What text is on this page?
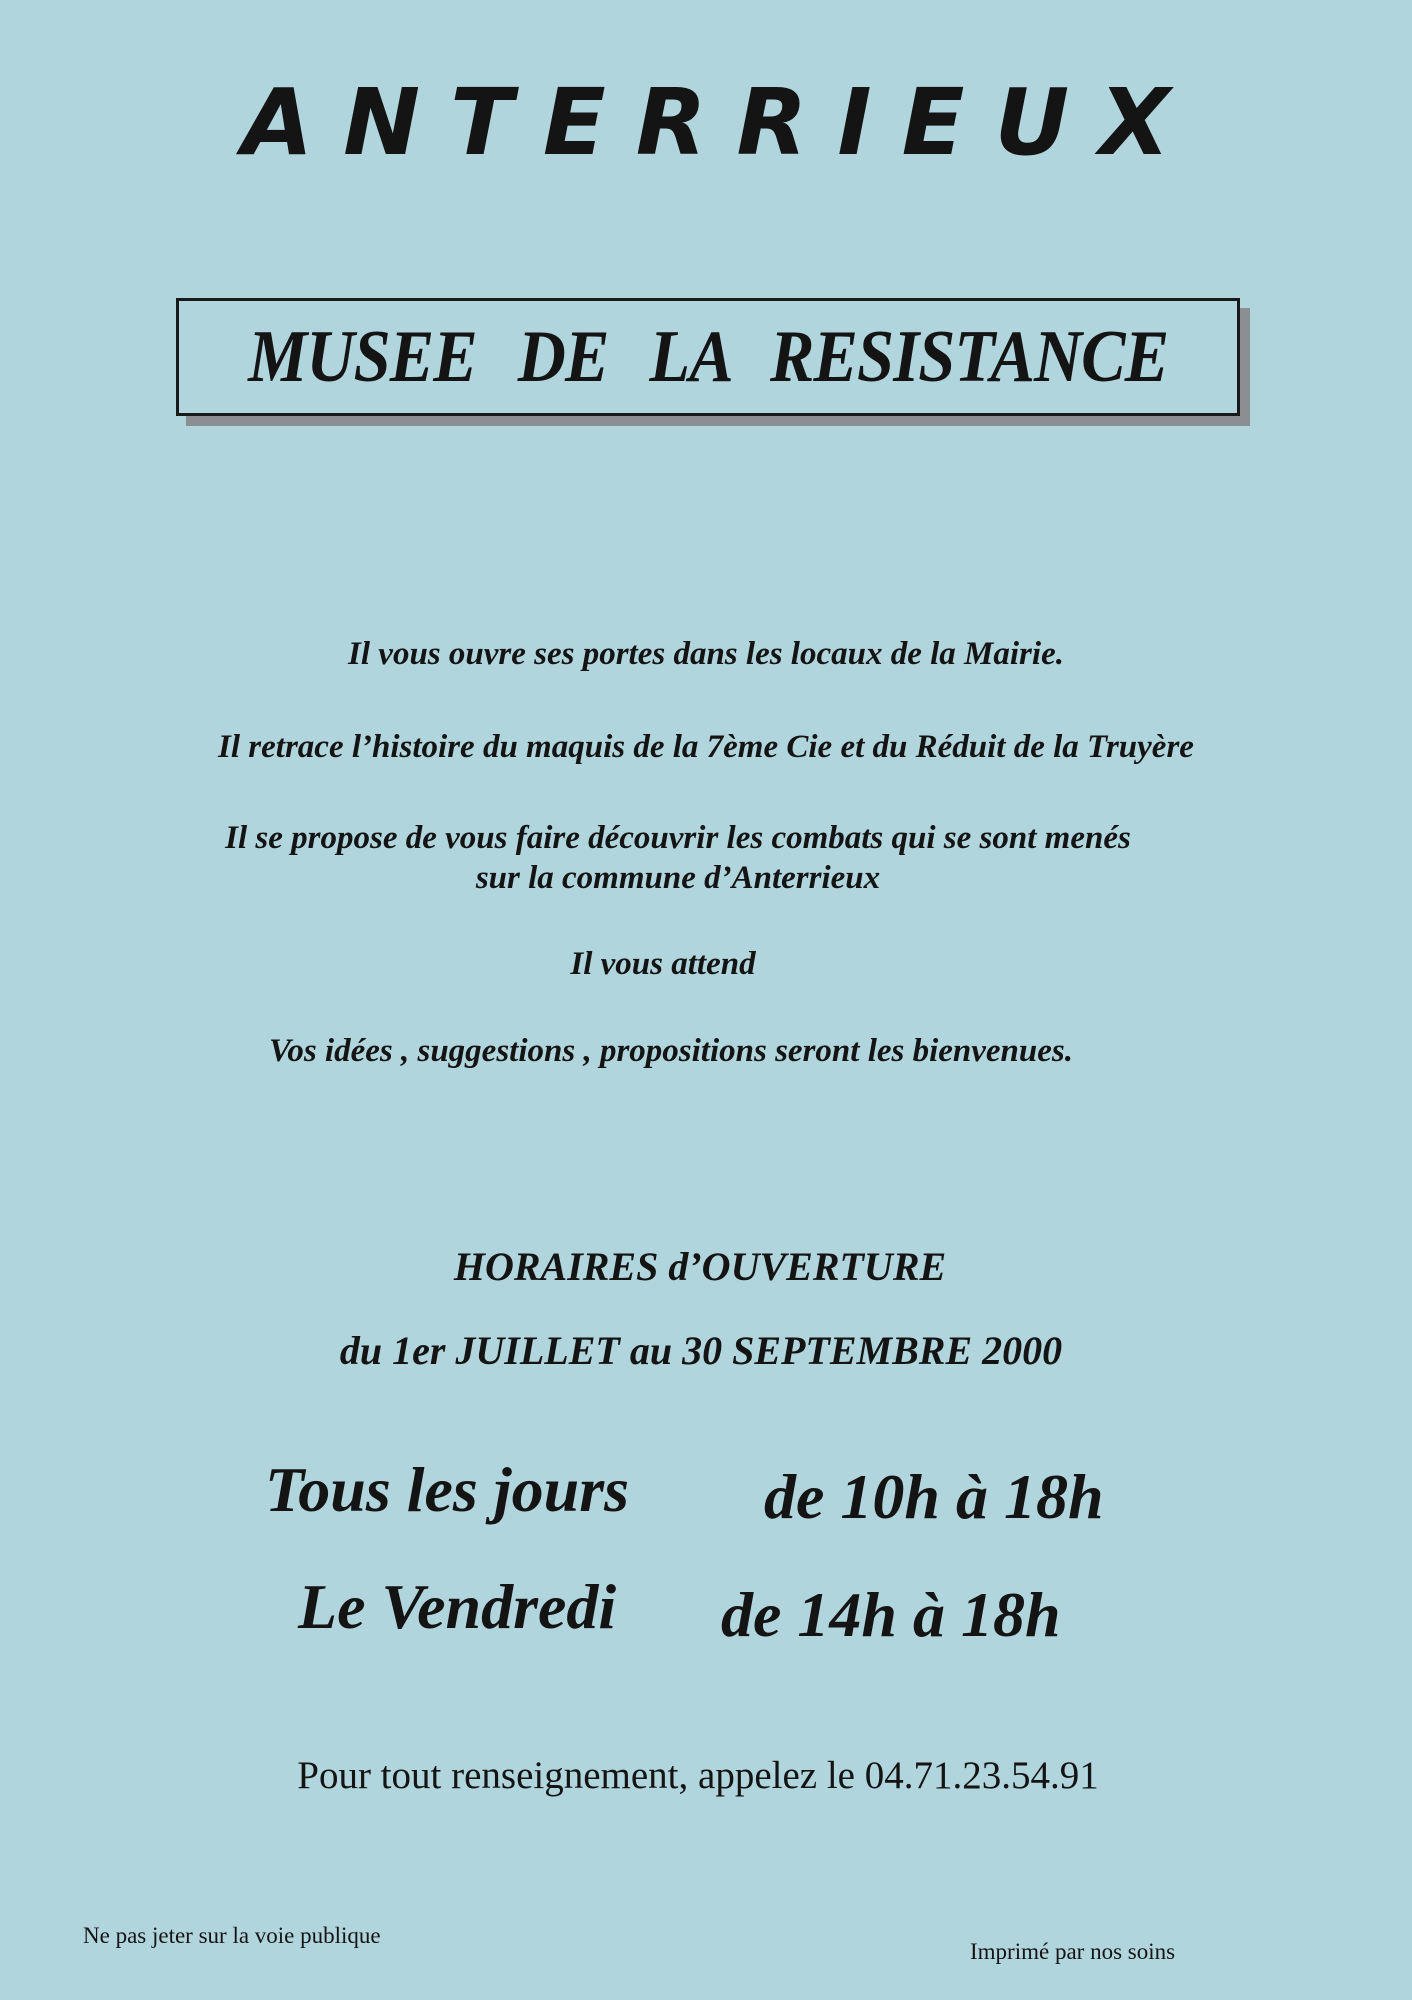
ANTERRIEUX
MUSEE DE LA RESISTANCE
Il vous ouvre ses portes dans les locaux de la Mairie.
Il retrace l’histoire du maquis de la 7ème Cie et du Réduit de la Truyère
Il se propose de vous faire découvrir les combats qui se sont menés
sur la commune d’Anterrieux
Il vous attend
Vos idées , suggestions , propositions seront les bienvenues.
HORAIRES d’OUVERTURE
du 1er JUILLET au 30 SEPTEMBRE 2000
Tous les jours de 10h à 18h
Le Vendredi de 14h à 18h
Pour tout renseignement, appelez le 04.71.23.54.91
Ne pas jeter sur la voie publique
Imprimé par nos soins
